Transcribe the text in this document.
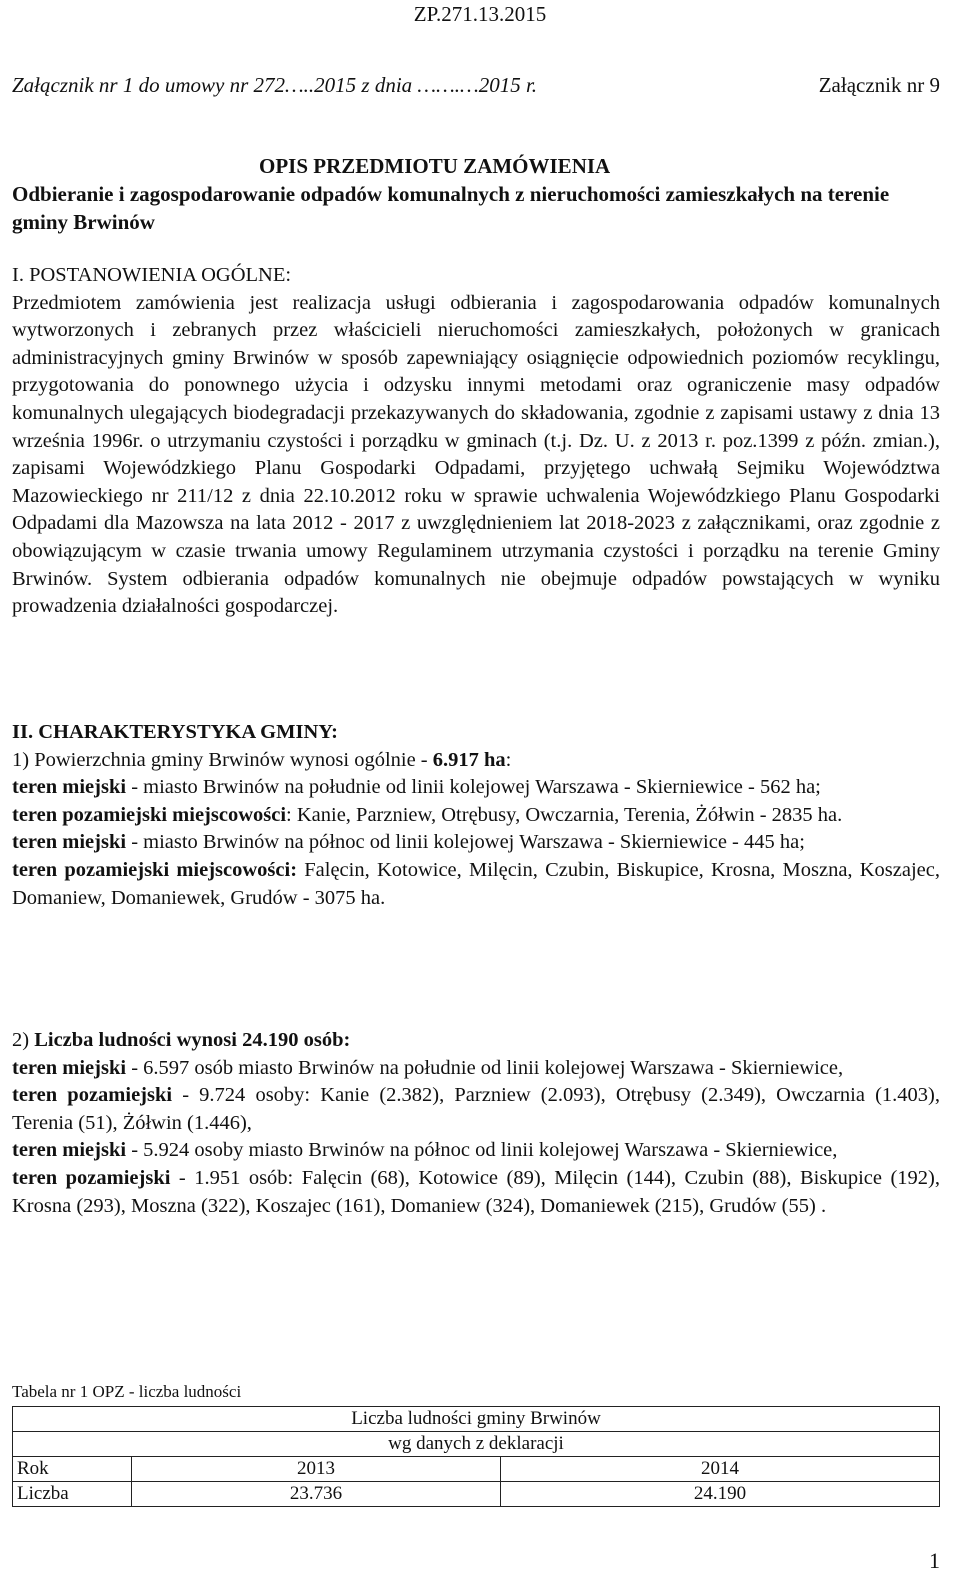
ZP.271.13.2015
Załącznik nr 1 do umowy nr 272…..2015 z dnia …….…2015 r.	Załącznik nr 9
OPIS PRZEDMIOTU ZAMÓWIENIA
Odbieranie i zagospodarowanie odpadów komunalnych z nieruchomości zamieszkałych na terenie gminy Brwinów

I. POSTANOWIENIA OGÓLNE:

Przedmiotem zamówienia jest realizacja usługi odbierania i zagospodarowania odpadów komunalnych wytworzonych i zebranych przez właścicieli nieruchomości zamieszkałych, położonych w granicach administracyjnych gminy Brwinów w sposób zapewniający osiągnięcie odpowiednich poziomów recyklingu, przygotowania do ponownego użycia i odzysku innymi metodami oraz ograniczenie masy odpadów komunalnych ulegających biodegradacji przekazywanych do składowania, zgodnie z zapisami ustawy z dnia 13 września 1996r. o utrzymaniu czystości i porządku w gminach (t.j. Dz. U. z 2013 r. poz.1399 z późn. zmian.), zapisami Wojewódzkiego Planu Gospodarki Odpadami, przyjętego uchwałą Sejmiku Województwa Mazowieckiego nr 211/12 z dnia 22.10.2012 roku w sprawie uchwalenia Wojewódzkiego Planu Gospodarki Odpadami dla Mazowsza na lata 2012 - 2017 z uwzględnieniem lat 2018-2023 z załącznikami, oraz zgodnie z obowiązującym w czasie trwania umowy Regulaminem utrzymania czystości i porządku na terenie Gminy Brwinów. System odbierania odpadów komunalnych nie obejmuje odpadów powstających w wyniku prowadzenia działalności gospodarczej.

II. CHARAKTERYSTYKA GMINY:

1) Powierzchnia gminy Brwinów wynosi ogólnie - 6.917 ha:

teren miejski - miasto Brwinów na południe od linii kolejowej Warszawa - Skierniewice - 562 ha;

teren pozamiejski miejscowości: Kanie, Parzniew, Otrębusy, Owczarnia, Terenia, Żółwin - 2835 ha.

teren miejski - miasto Brwinów na północ od linii kolejowej Warszawa - Skierniewice - 445 ha;

teren pozamiejski miejscowości: Falęcin, Kotowice, Milęcin, Czubin, Biskupice, Krosna, Moszna, Koszajec, Domaniew, Domaniewek, Grudów - 3075 ha.

2) Liczba ludności wynosi 24.190 osób:

teren miejski - 6.597 osób miasto Brwinów na południe od linii kolejowej Warszawa - Skierniewice,

teren pozamiejski - 9.724 osoby: Kanie (2.382), Parzniew (2.093), Otrębusy (2.349), Owczarnia (1.403), Terenia (51), Żółwin (1.446),

teren miejski - 5.924 osoby miasto Brwinów na północ od linii kolejowej Warszawa - Skierniewice,

teren pozamiejski - 1.951 osób: Falęcin (68), Kotowice (89), Milęcin (144), Czubin (88), Biskupice (192), Krosna (293), Moszna (322), Koszajec (161), Domaniew (324), Domaniewek (215), Grudów (55) .

Tabela nr 1 OPZ - liczba ludności
Liczba ludności gminy Brwinów		
wg danych z deklaracji		
Rok	2013	2014
Liczba	23.736	24.190
1
